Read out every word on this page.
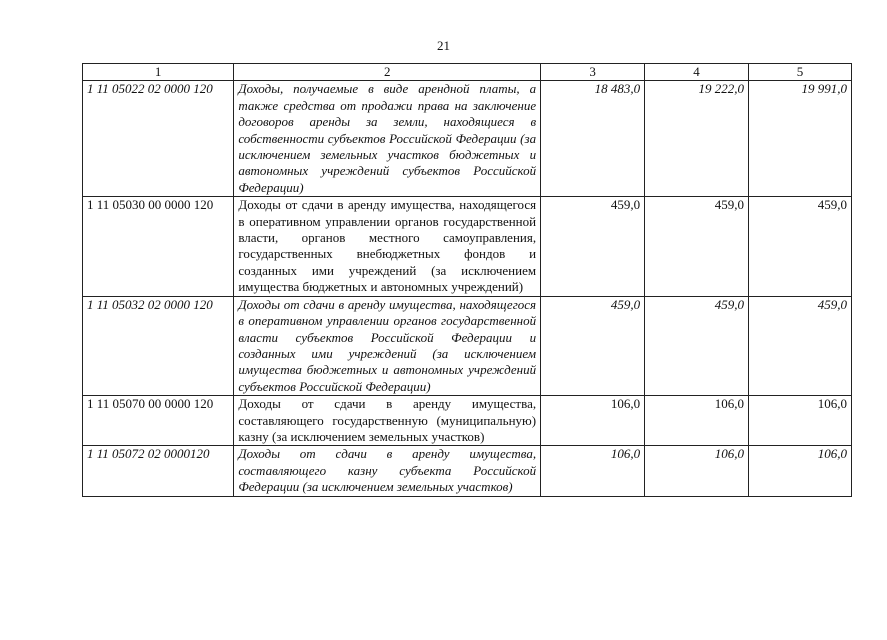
21
1	2	3	4	5
1 11 05022 02 0000 120	Доходы, получаемые в виде арендной платы, а также средства от продажи права на заключение договоров аренды за земли, находящиеся в собственности субъектов Российской Федерации (за исключением земельных участков бюджетных и автономных учреждений субъектов Российской Федерации)	18 483,0	19 222,0	19 991,0
1 11 05030 00 0000 120	Доходы от сдачи в аренду имущества, находящегося в оперативном управлении органов государственной власти, органов местного самоуправления, государственных внебюджетных фондов и созданных ими учреждений (за исключением имущества бюджетных и автономных учреждений)	459,0	459,0	459,0
1 11 05032 02 0000 120	Доходы от сдачи в аренду имущества, находящегося в оперативном управлении органов государственной власти субъектов Российской Федерации и созданных ими учреждений (за исключением имущества бюджетных и автономных учреждений субъектов Российской Федерации)	459,0	459,0	459,0
1 11 05070 00 0000 120	Доходы от сдачи в аренду имущества, составляющего государственную (муниципальную) казну (за исключением земельных участков)	106,0	106,0	106,0
1 11 05072 02 0000120	Доходы от сдачи в аренду имущества, составляющего казну субъекта Российской Федерации (за исключением земельных участков)	106,0	106,0	106,0
